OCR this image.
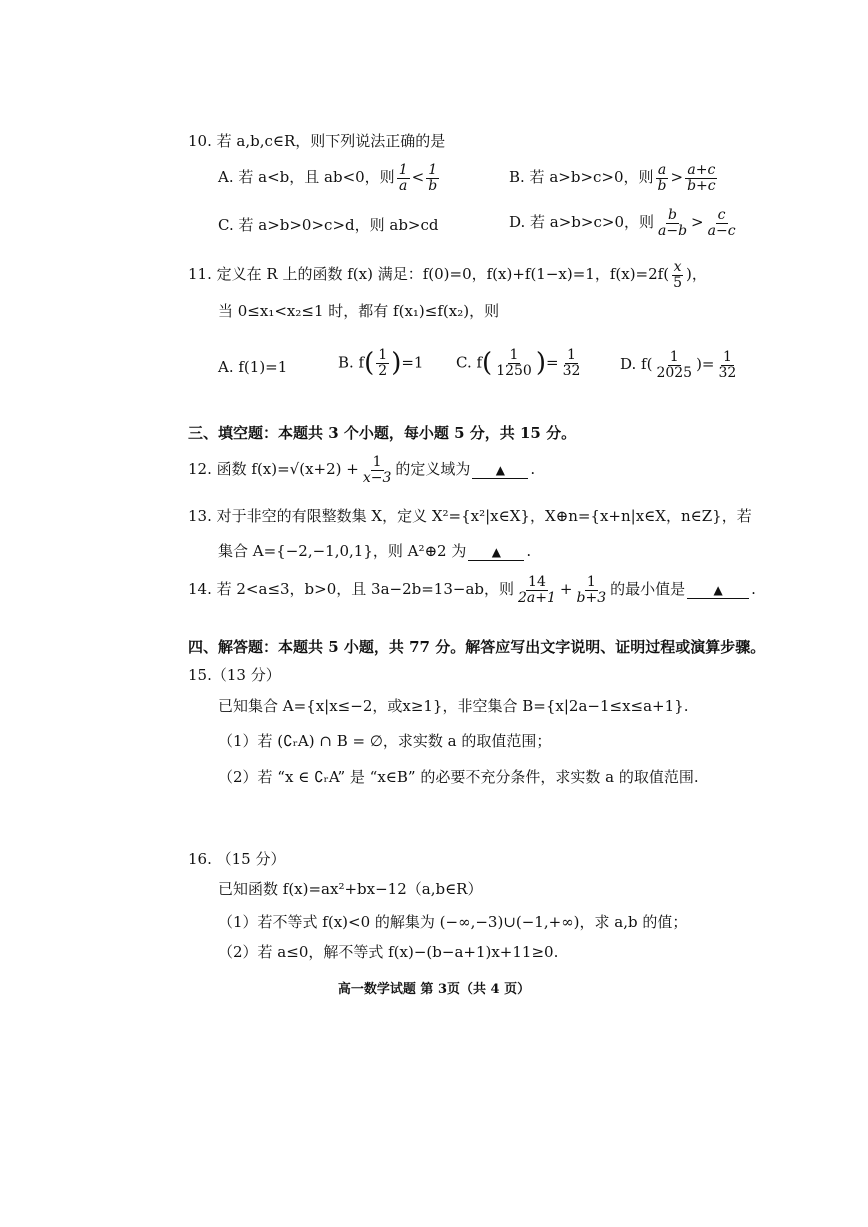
10. 若 a,b,c∈R，则下列说法正确的是
A. 若 a<b，且 ab<0，则 $\frac{1}{a} < \frac{1}{b}$	B. 若 a>b>c>0，则 $\frac{a}{b} > \frac{a+c}{b+c}$
C. 若 a>b>0>c>d，则 ab>cd	D. 若 a>b>c>0，则 $\frac{b}{a-b} > \frac{c}{a-c}$
11. 定义在 R 上的函数 f(x) 满足：f(0)=0，f(x)+f(1−x)=1，$f(x)=2f( \frac{x}{5}$ )，
当 0≤x₁<x₂≤1 时，都有 f(x₁)≤f(x₂)，则
A. f(1)=1	B. $f( \frac{1}{2} )=1$ C. $f( \frac{1}{1250}$ )= $\frac{1}{32}$	D. $f( \frac{1}{2025}$ )= $\frac{1}{32}$
三、填空题：本题共 3 个小题，每小题 5 分，共 15 分。
12. 函数 $f(x)=√(x+2) + \frac{1}{x-3}$ 的定义域为 ▲ .
13. 对于非空的有限整数集 X，定义 X²={x²|x∈X}，X⊕n={x+n|x∈X，n∈Z}，若
集合 A={−2,−1,0,1}，则 A²⊕2 为 ▲ .
14. 若 2<a≤3，b>0，且 3a−2b=13−ab，则 $\frac{14}{2a+1} + \frac{1}{b+3}$ 的最小值是 ▲ .
四、解答题：本题共 5 小题，共 77 分。解答应写出文字说明、证明过程或演算步骤。
15.（13 分）
已知集合 A={x|x≤−2，或x≥1}，非空集合 B={x|2a−1≤x≤a+1}.
（1）若 (∁ᵣA) ∩ B = ∅，求实数 a 的取值范围；
（2）若 “x ∈ ∁ᵣA” 是 “x∈B” 的必要不充分条件，求实数 a 的取值范围.
16. （15 分）
已知函数 f(x)=ax²+bx−12（a,b∈R）
（1）若不等式 f(x)<0 的解集为 (−∞,−3)∪(−1,+∞)，求 a,b 的值；
（2）若 a≤0，解不等式 f(x)−(b−a+1)x+11≥0.
高一数学试题 第 3页（共 4 页）
